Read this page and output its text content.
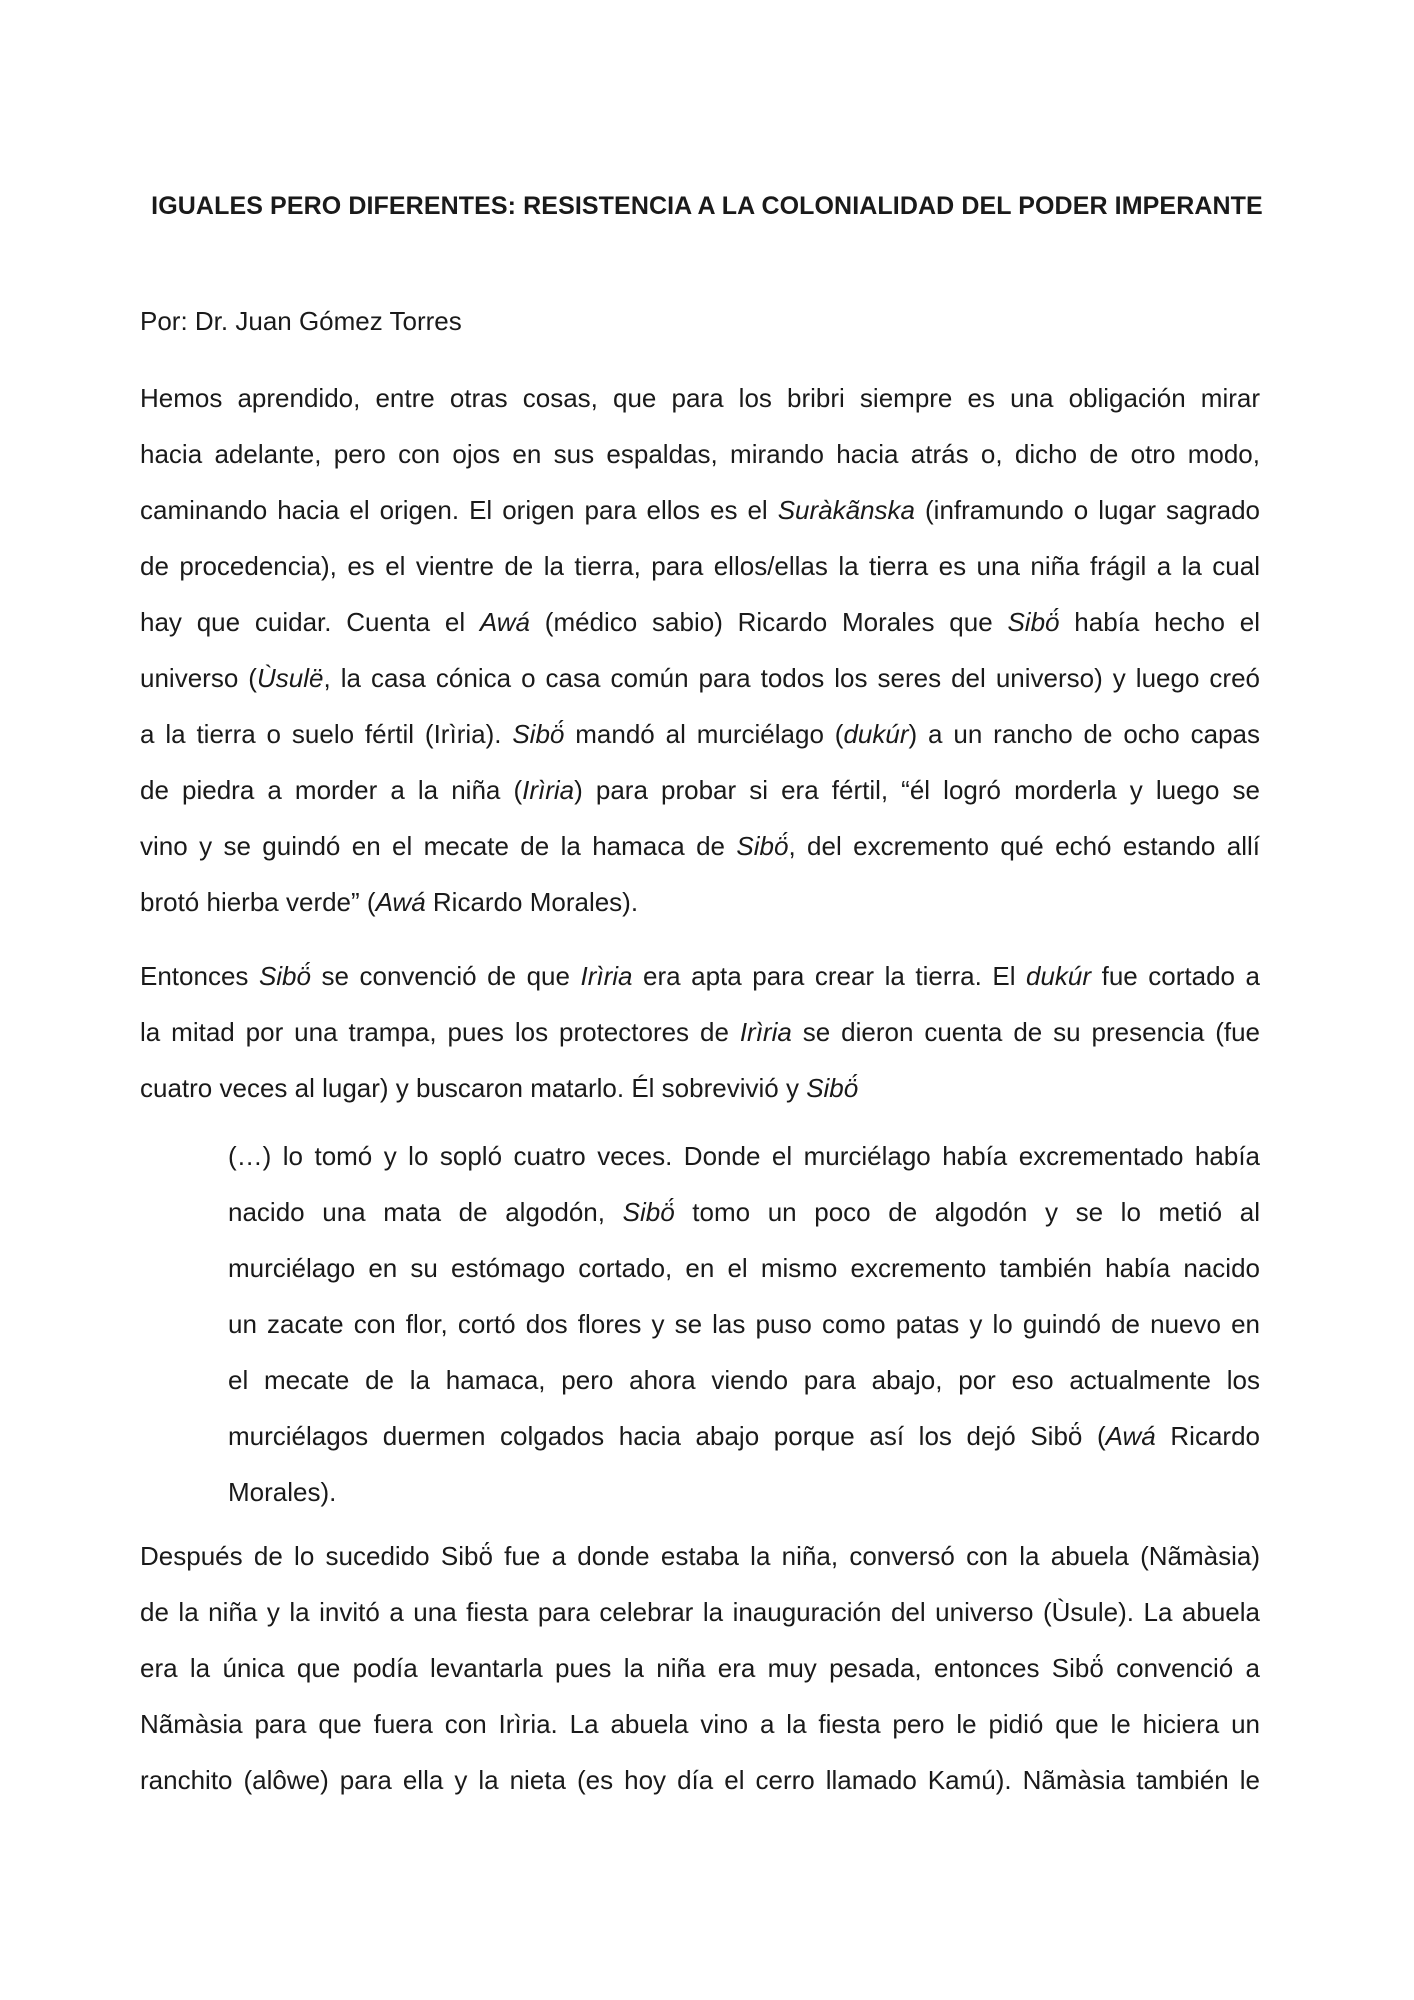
IGUALES PERO DIFERENTES: RESISTENCIA A LA COLONIALIDAD DEL PODER IMPERANTE
Por: Dr. Juan Gómez Torres
Hemos aprendido, entre otras cosas, que para los bribri siempre es una obligación mirar
hacia adelante, pero con ojos en sus espaldas, mirando hacia atrás o, dicho de otro modo,
caminando hacia el origen. El origen para ellos es el Suràkãnska (inframundo o lugar sagrado
de procedencia), es el vientre de la tierra, para ellos/ellas la tierra es una niña frágil a la cual
hay que cuidar. Cuenta el Awá (médico sabio) Ricardo Morales que Sibö́ había hecho el
universo (Ùsulë, la casa cónica o casa común para todos los seres del universo) y luego creó
a la tierra o suelo fértil (Irìria). Sibö́ mandó al murciélago (dukúr) a un rancho de ocho capas
de piedra a morder a la niña (Irìria) para probar si era fértil, “él logró morderla y luego se
vino y se guindó en el mecate de la hamaca de Sibö́, del excremento qué echó estando allí
brotó hierba verde” (Awá Ricardo Morales).
Entonces Sibö́ se convenció de que Irìria era apta para crear la tierra. El dukúr fue cortado a
la mitad por una trampa, pues los protectores de Irìria se dieron cuenta de su presencia (fue
cuatro veces al lugar) y buscaron matarlo. Él sobrevivió y Sibö́
(…) lo tomó y lo sopló cuatro veces. Donde el murciélago había excrementado había
nacido una mata de algodón, Sibö́ tomo un poco de algodón y se lo metió al
murciélago en su estómago cortado, en el mismo excremento también había nacido
un zacate con flor, cortó dos flores y se las puso como patas y lo guindó de nuevo en
el mecate de la hamaca, pero ahora viendo para abajo, por eso actualmente los
murciélagos duermen colgados hacia abajo porque así los dejó Sibö́ (Awá Ricardo
Morales).
Después de lo sucedido Sibö́ fue a donde estaba la niña, conversó con la abuela (Nãmàsia)
de la niña y la invitó a una fiesta para celebrar la inauguración del universo (Ùsule). La abuela
era la única que podía levantarla pues la niña era muy pesada, entonces Sibö́ convenció a
Nãmàsia para que fuera con Irìria. La abuela vino a la fiesta pero le pidió que le hiciera un
ranchito (alôwe) para ella y la nieta (es hoy día el cerro llamado Kamú). Nãmàsia también le
